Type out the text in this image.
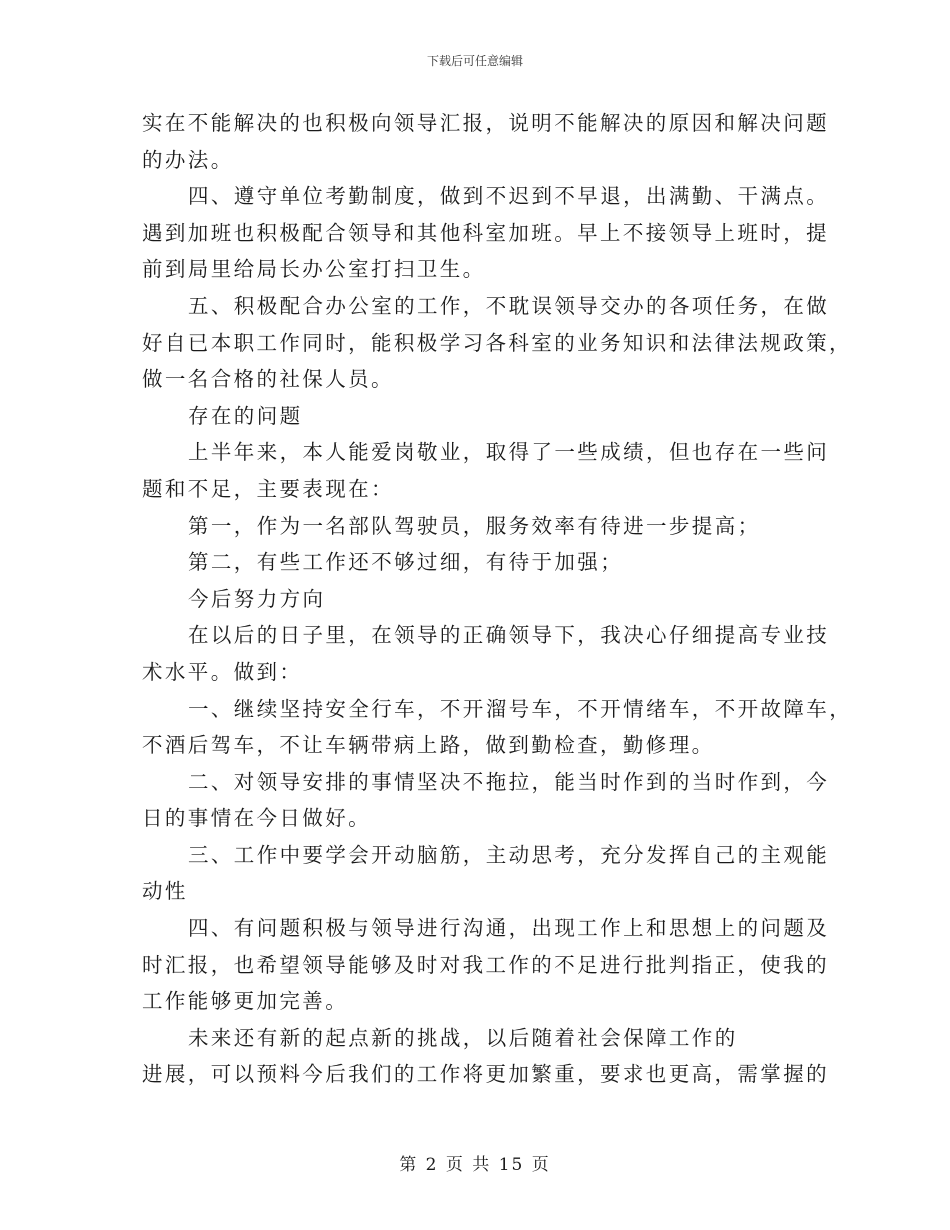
下载后可任意编辑
实在不能解决的也积极向领导汇报，说明不能解决的原因和解决问题
的办法。
四、遵守单位考勤制度，做到不迟到不早退，出满勤、干满点。
遇到加班也积极配合领导和其他科室加班。早上不接领导上班时，提
前到局里给局长办公室打扫卫生。
五、积极配合办公室的工作，不耽误领导交办的各项任务，在做
好自已本职工作同时，能积极学习各科室的业务知识和法律法规政策，
做一名合格的社保人员。
存在的问题
上半年来，本人能爱岗敬业，取得了一些成绩，但也存在一些问
题和不足，主要表现在：
第一，作为一名部队驾驶员，服务效率有待进一步提高；
第二，有些工作还不够过细，有待于加强；
今后努力方向
在以后的日子里，在领导的正确领导下，我决心仔细提高专业技
术水平。做到：
一、继续坚持安全行车，不开溜号车，不开情绪车，不开故障车，
不酒后驾车，不让车辆带病上路，做到勤检查，勤修理。
二、对领导安排的事情坚决不拖拉，能当时作到的当时作到，今
日的事情在今日做好。
三、工作中要学会开动脑筋，主动思考，充分发挥自己的主观能
动性
四、有问题积极与领导进行沟通，出现工作上和思想上的问题及
时汇报，也希望领导能够及时对我工作的不足进行批判指正，使我的
工作能够更加完善。
未来还有新的起点新的挑战，以后随着社会保障工作的
进展，可以预料今后我们的工作将更加繁重，要求也更高，需掌握的
第 2 页 共 15 页
